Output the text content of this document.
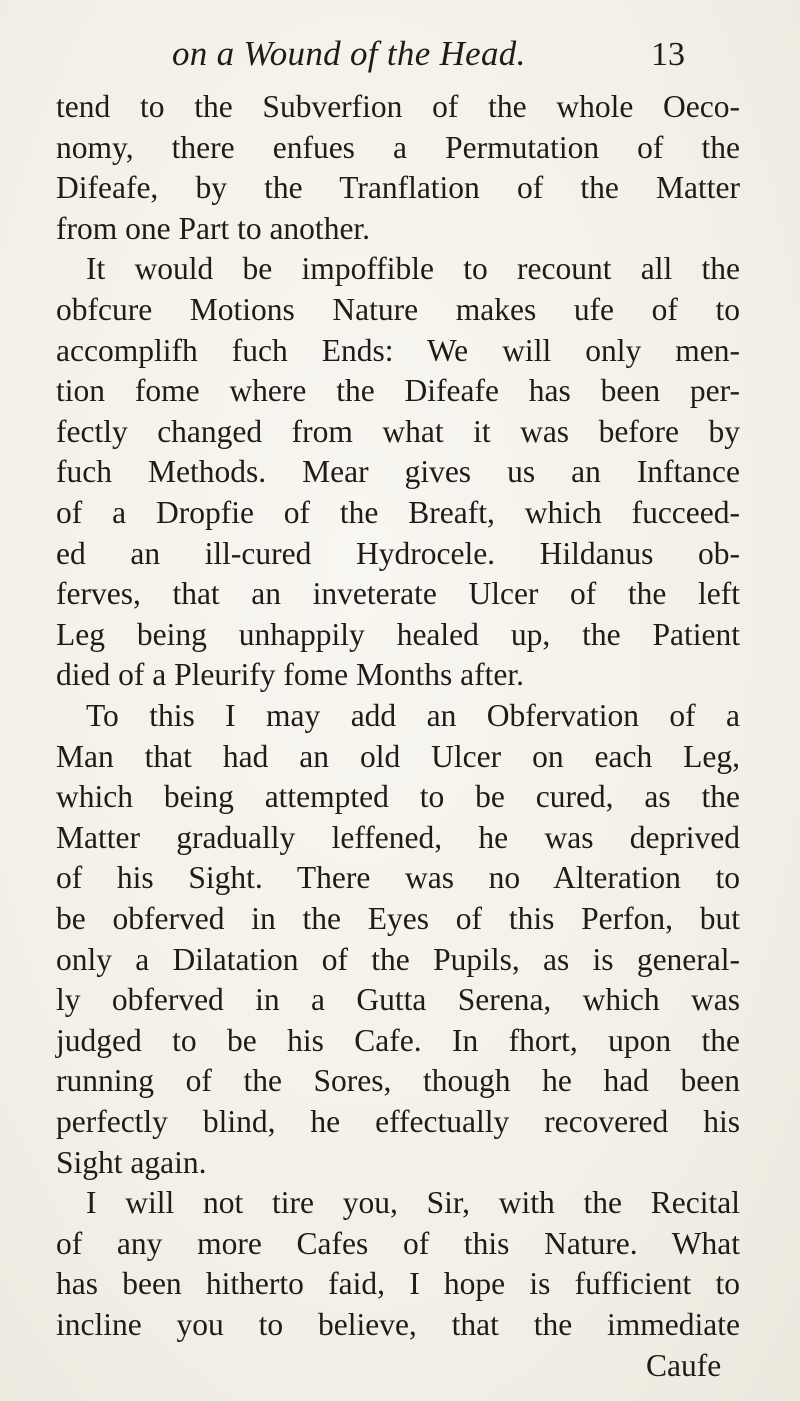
on a Wound of the Head.	13
tend to the Subverfion of the whole Oeco-
nomy, there enfues a Permutation of the
Difeafe, by the Tranflation of the Matter
from one Part to another.
It would be impoffible to recount all the
obfcure Motions Nature makes ufe of to
accomplifh fuch Ends: We will only men-
tion fome where the Difeafe has been per-
fectly changed from what it was before by
fuch Methods. Mear gives us an Inftance
of a Dropfie of the Breaft, which fucceed-
ed an ill-cured Hydrocele. Hildanus ob-
ferves, that an inveterate Ulcer of the left
Leg being unhappily healed up, the Patient
died of a Pleurify fome Months after.
To this I may add an Obfervation of a
Man that had an old Ulcer on each Leg,
which being attempted to be cured, as the
Matter gradually leffened, he was deprived
of his Sight. There was no Alteration to
be obferved in the Eyes of this Perfon, but
only a Dilatation of the Pupils, as is general-
ly obferved in a Gutta Serena, which was
judged to be his Cafe. In fhort, upon the
running of the Sores, though he had been
perfectly blind, he effectually recovered his
Sight again.
I will not tire you, Sir, with the Recital
of any more Cafes of this Nature. What
has been hitherto faid, I hope is fufficient to
incline you to believe, that the immediate
Caufe
